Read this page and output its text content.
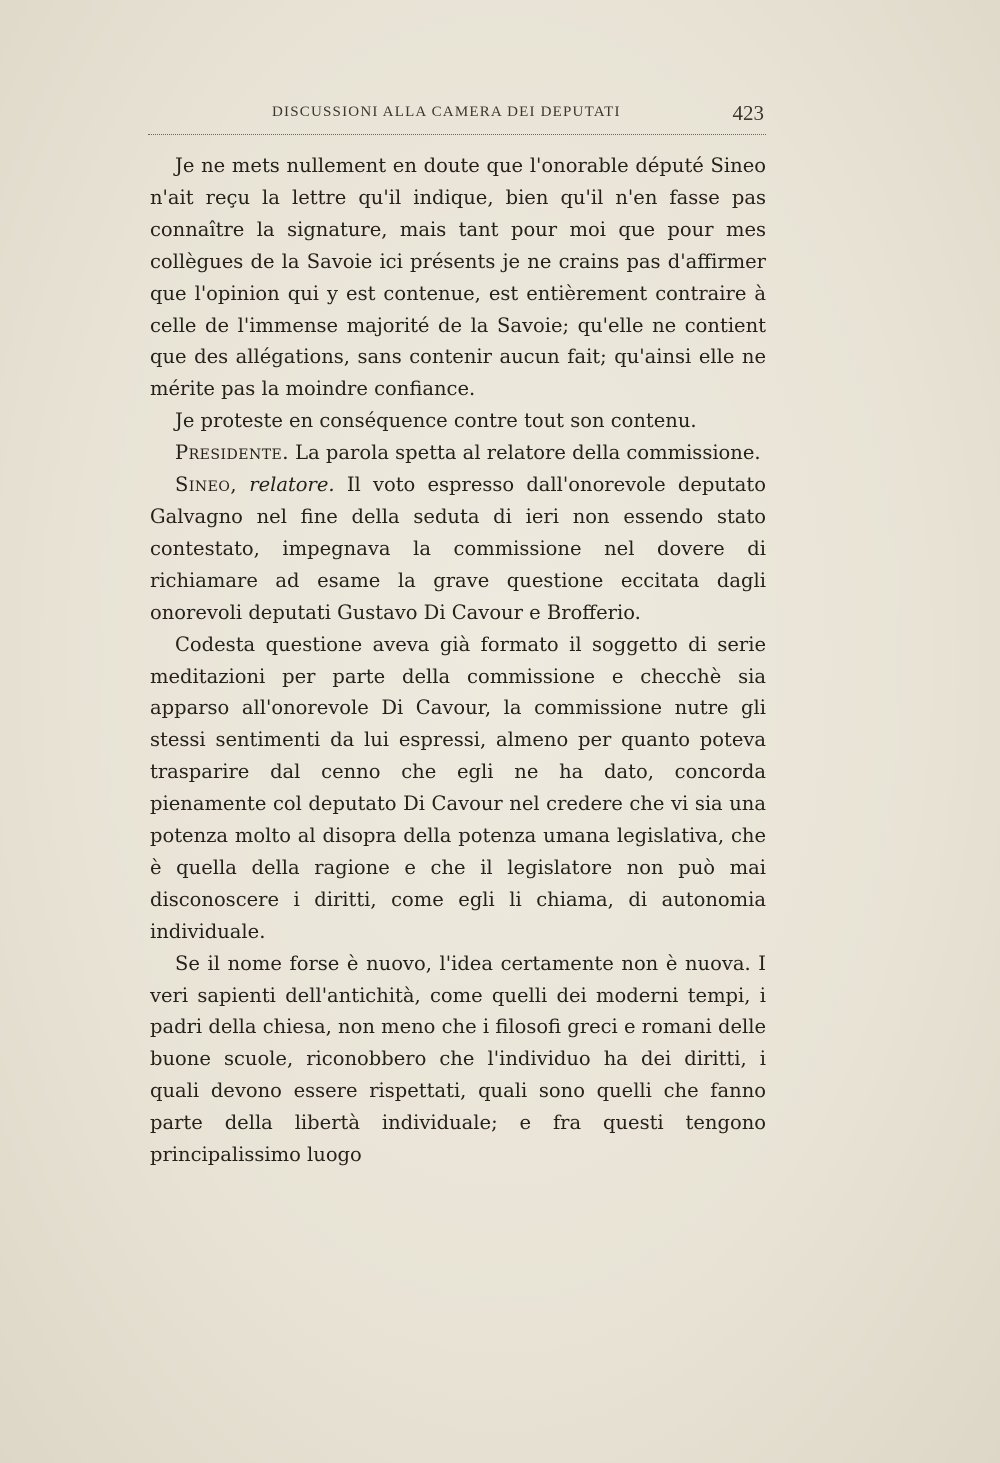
DISCUSSIONI ALLA CAMERA DEI DEPUTATI	423

Je ne mets nullement en doute que l'onorable député Sineo n'ait reçu la lettre qu'il indique, bien qu'il n'en fasse pas connaître la signature, mais tant pour moi que pour mes collègues de la Savoie ici présents je ne crains pas d'affirmer que l'opinion qui y est contenue, est entièrement contraire à celle de l'immense majorité de la Savoie; qu'elle ne contient que des allégations, sans contenir aucun fait; qu'ainsi elle ne mérite pas la moindre confiance.

Je proteste en conséquence contre tout son contenu.

Presidente. La parola spetta al relatore della commissione.

Sineo, relatore. Il voto espresso dall'onorevole deputato Galvagno nel fine della seduta di ieri non essendo stato contestato, impegnava la commissione nel dovere di richiamare ad esame la grave questione eccitata dagli onorevoli deputati Gustavo Di Cavour e Brofferio.

Codesta questione aveva già formato il soggetto di serie meditazioni per parte della commissione e checchè sia apparso all'onorevole Di Cavour, la commissione nutre gli stessi sentimenti da lui espressi, almeno per quanto poteva trasparire dal cenno che egli ne ha dato, concorda pienamente col deputato Di Cavour nel credere che vi sia una potenza molto al disopra della potenza umana legislativa, che è quella della ragione e che il legislatore non può mai disconoscere i diritti, come egli li chiama, di autonomia individuale.

Se il nome forse è nuovo, l'idea certamente non è nuova. I veri sapienti dell'antichità, come quelli dei moderni tempi, i padri della chiesa, non meno che i filosofi greci e romani delle buone scuole, riconobbero che l'individuo ha dei diritti, i quali devono essere rispettati, quali sono quelli che fanno parte della libertà individuale; e fra questi tengono principalissimo luogo
